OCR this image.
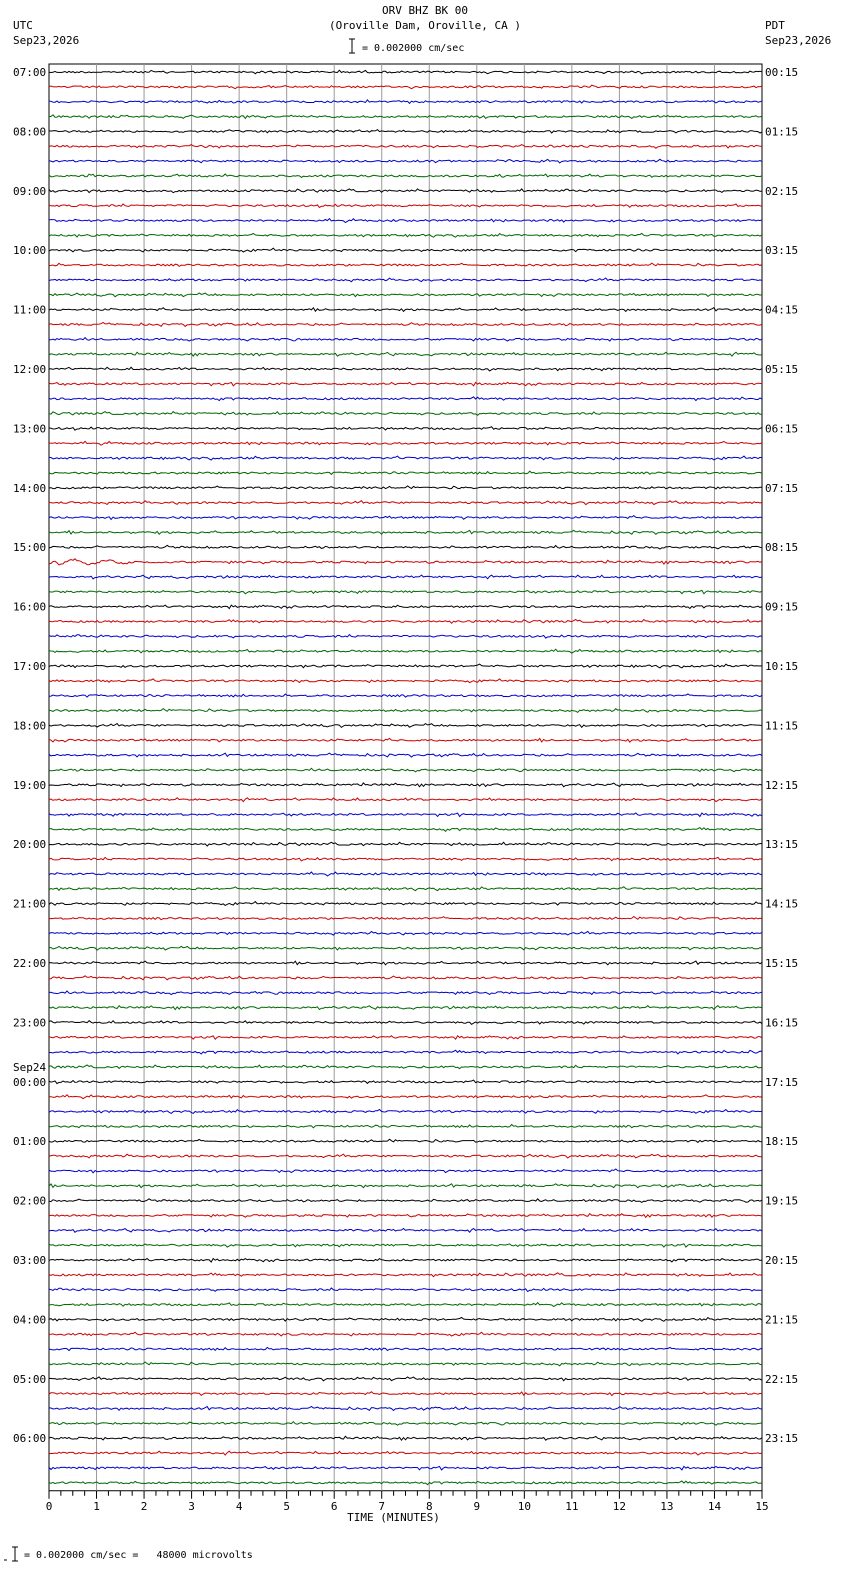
ORV BHZ BK 00
(Oroville Dam, Oroville, CA )
UTC
Sep23,2026
PDT
Sep23,2026
= 0.002000 cm/sec
07:00
08:00
09:00
10:00
11:00
12:00
13:00
14:00
15:00
16:00
17:00
18:00
19:00
20:00
21:00
22:00
23:00
00:00
Sep24
01:00
02:00
03:00
04:00
05:00
06:00
00:15
01:15
02:15
03:15
04:15
05:15
06:15
07:15
08:15
09:15
10:15
11:15
12:15
13:15
14:15
15:15
16:15
17:15
18:15
19:15
20:15
21:15
22:15
23:15
0	1	2	3	4	5	6	7	8	9	10	11	12	13	14	15
TIME (MINUTES)
= 0.002000 cm/sec =   48000 microvolts
